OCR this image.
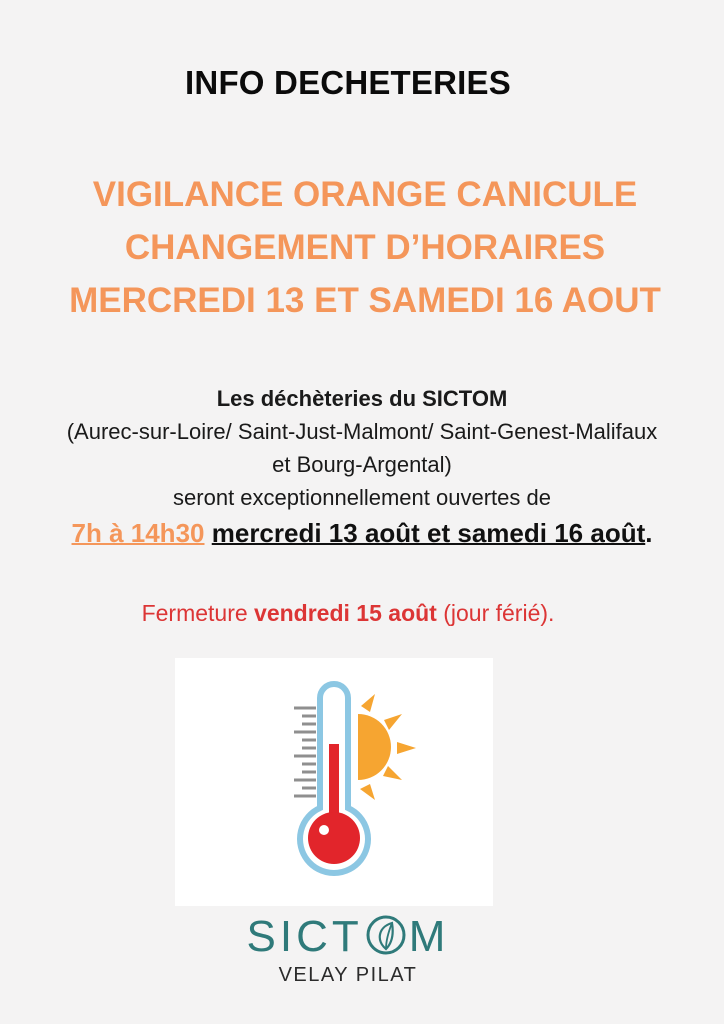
INFO DECHETERIES
VIGILANCE ORANGE CANICULE
CHANGEMENT D’HORAIRES
MERCREDI 13 ET SAMEDI 16 AOUT
Les déchèteries du SICTOM
(Aurec-sur-Loire/ Saint-Just-Malmont/ Saint-Genest-Malifaux
et Bourg-Argental)
seront exceptionnellement ouvertes de
7h à 14h30 mercredi 13 août et samedi 16 août.
Fermeture vendredi 15 août (jour férié).
SICT M
VELAY PILAT
